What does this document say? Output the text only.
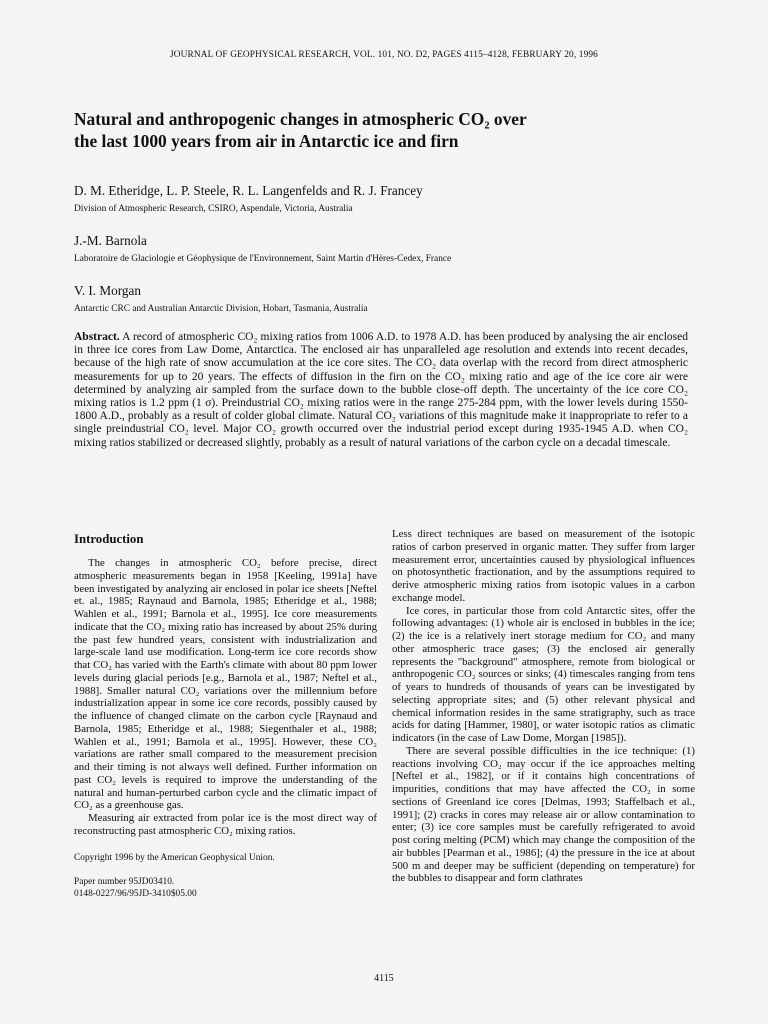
JOURNAL OF GEOPHYSICAL RESEARCH, VOL. 101, NO. D2, PAGES 4115–4128, FEBRUARY 20, 1996
Natural and anthropogenic changes in atmospheric CO₂ over
the last 1000 years from air in Antarctic ice and firn
D. M. Etheridge, L. P. Steele, R. L. Langenfelds and R. J. Francey
Division of Atmospheric Research, CSIRO, Aspendale, Victoria, Australia
J.-M. Barnola
Laboratoire de Glaciologie et Géophysique de l'Environnement, Saint Martin d'Hères-Cedex, France
V. I. Morgan
Antarctic CRC and Australian Antarctic Division, Hobart, Tasmania, Australia

Abstract. A record of atmospheric CO₂ mixing ratios from 1006 A.D. to 1978 A.D. has been produced by analysing the air enclosed in three ice cores from Law Dome, Antarctica. The enclosed air has unparalleled age resolution and extends into recent decades, because of the high rate of snow accumulation at the ice core sites. The CO₂ data overlap with the record from direct atmospheric measurements for up to 20 years. The effects of diffusion in the firn on the CO₂ mixing ratio and age of the ice core air were determined by analyzing air sampled from the surface down to the bubble close-off depth. The uncertainty of the ice core CO₂ mixing ratios is 1.2 ppm (1 σ). Preindustrial CO₂ mixing ratios were in the range 275-284 ppm, with the lower levels during 1550-1800 A.D., probably as a result of colder global climate. Natural CO₂ variations of this magnitude make it inappropriate to refer to a single preindustrial CO₂ level. Major CO₂ growth occurred over the industrial period except during 1935-1945 A.D. when CO₂ mixing ratios stabilized or decreased slightly, probably as a result of natural variations of the carbon cycle on a decadal timescale.

Introduction

The changes in atmospheric CO₂ before precise, direct atmospheric measurements began in 1958 [Keeling, 1991a] have been investigated by analyzing air enclosed in polar ice sheets [Neftel et. al., 1985; Raynaud and Barnola, 1985; Etheridge et al., 1988; Wahlen et al., 1991; Barnola et al., 1995]. Ice core measurements indicate that the CO₂ mixing ratio has increased by about 25% during the past few hundred years, consistent with industrialization and large-scale land use modification. Long-term ice core records show that CO₂ has varied with the Earth's climate with about 80 ppm lower levels during glacial periods [e.g., Barnola et al., 1987; Neftel et al., 1988]. Smaller natural CO₂ variations over the millennium before industrialization appear in some ice core records, possibly caused by the influence of changed climate on the carbon cycle [Raynaud and Barnola, 1985; Etheridge et al., 1988; Siegenthaler et al., 1988; Wahlen et al., 1991; Barnola et al., 1995]. However, these CO₂ variations are rather small compared to the measurement precision and their timing is not always well defined. Further information on past CO₂ levels is required to improve the understanding of the natural and human-perturbed carbon cycle and the climatic impact of CO₂ as a greenhouse gas.

Measuring air extracted from polar ice is the most direct way of reconstructing past atmospheric CO₂ mixing ratios.

Copyright 1996 by the American Geophysical Union.
Paper number 95JD03410.
0148-0227/96/95JD-3410$05.00

Less direct techniques are based on measurement of the isotopic ratios of carbon preserved in organic matter. They suffer from larger measurement error, uncertainties caused by physiological influences on photosynthetic fractionation, and by the assumptions required to derive atmospheric mixing ratios from isotopic values in a carbon exchange model.

Ice cores, in particular those from cold Antarctic sites, offer the following advantages: (1) whole air is enclosed in bubbles in the ice; (2) the ice is a relatively inert storage medium for CO₂ and many other atmospheric trace gases; (3) the enclosed air generally represents the "background" atmosphere, remote from biological or anthropogenic CO₂ sources or sinks; (4) timescales ranging from tens of years to hundreds of thousands of years can be investigated by selecting appropriate sites; and (5) other relevant physical and chemical information resides in the same stratigraphy, such as trace acids for dating [Hammer, 1980], or water isotopic ratios as climatic indicators (in the case of Law Dome, Morgan [1985]).

There are several possible difficulties in the ice technique: (1) reactions involving CO₂ may occur if the ice approaches melting [Neftel et al., 1982], or if it contains high concentrations of impurities, conditions that may have affected the CO₂ in some sections of Greenland ice cores [Delmas, 1993; Staffelbach et al., 1991]; (2) cracks in cores may release air or allow contamination to enter; (3) ice core samples must be carefully refrigerated to avoid post coring melting (PCM) which may change the composition of the air bubbles [Pearman et al., 1986]; (4) the pressure in the ice at about 500 m and deeper may be sufficient (depending on temperature) for the bubbles to disappear and form clathrates

4115
